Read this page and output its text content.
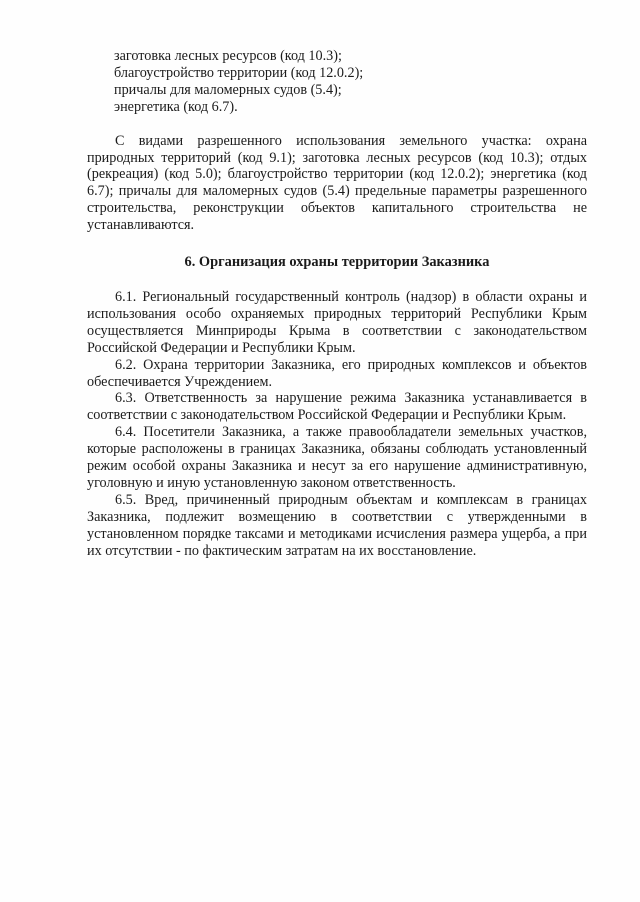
заготовка лесных ресурсов (код 10.3);
благоустройство территории (код 12.0.2);
причалы для маломерных судов (5.4);
энергетика (код 6.7).

С видами разрешенного использования земельного участка: охрана природных территорий (код 9.1); заготовка лесных ресурсов (код 10.3); отдых (рекреация) (код 5.0); благоустройство территории (код 12.0.2); энергетика (код 6.7); причалы для маломерных судов (5.4) предельные параметры разрешенного строительства, реконструкции объектов капитального строительства не устанавливаются.

6. Организация охраны территории Заказника

6.1. Региональный государственный контроль (надзор) в области охраны и использования особо охраняемых природных территорий Республики Крым осуществляется Минприроды Крыма в соответствии с законодательством Российской Федерации и Республики Крым.

6.2. Охрана территории Заказника, его природных комплексов и объектов обеспечивается Учреждением.

6.3. Ответственность за нарушение режима Заказника устанавливается в соответствии с законодательством Российской Федерации и Республики Крым.

6.4. Посетители Заказника, а также правообладатели земельных участков, которые расположены в границах Заказника, обязаны соблюдать установленный режим особой охраны Заказника и несут за его нарушение административную, уголовную и иную установленную законом ответственность.

6.5. Вред, причиненный природным объектам и комплексам в границах Заказника, подлежит возмещению в соответствии с утвержденными в установленном порядке таксами и методиками исчисления размера ущерба, а при их отсутствии - по фактическим затратам на их восстановление.
